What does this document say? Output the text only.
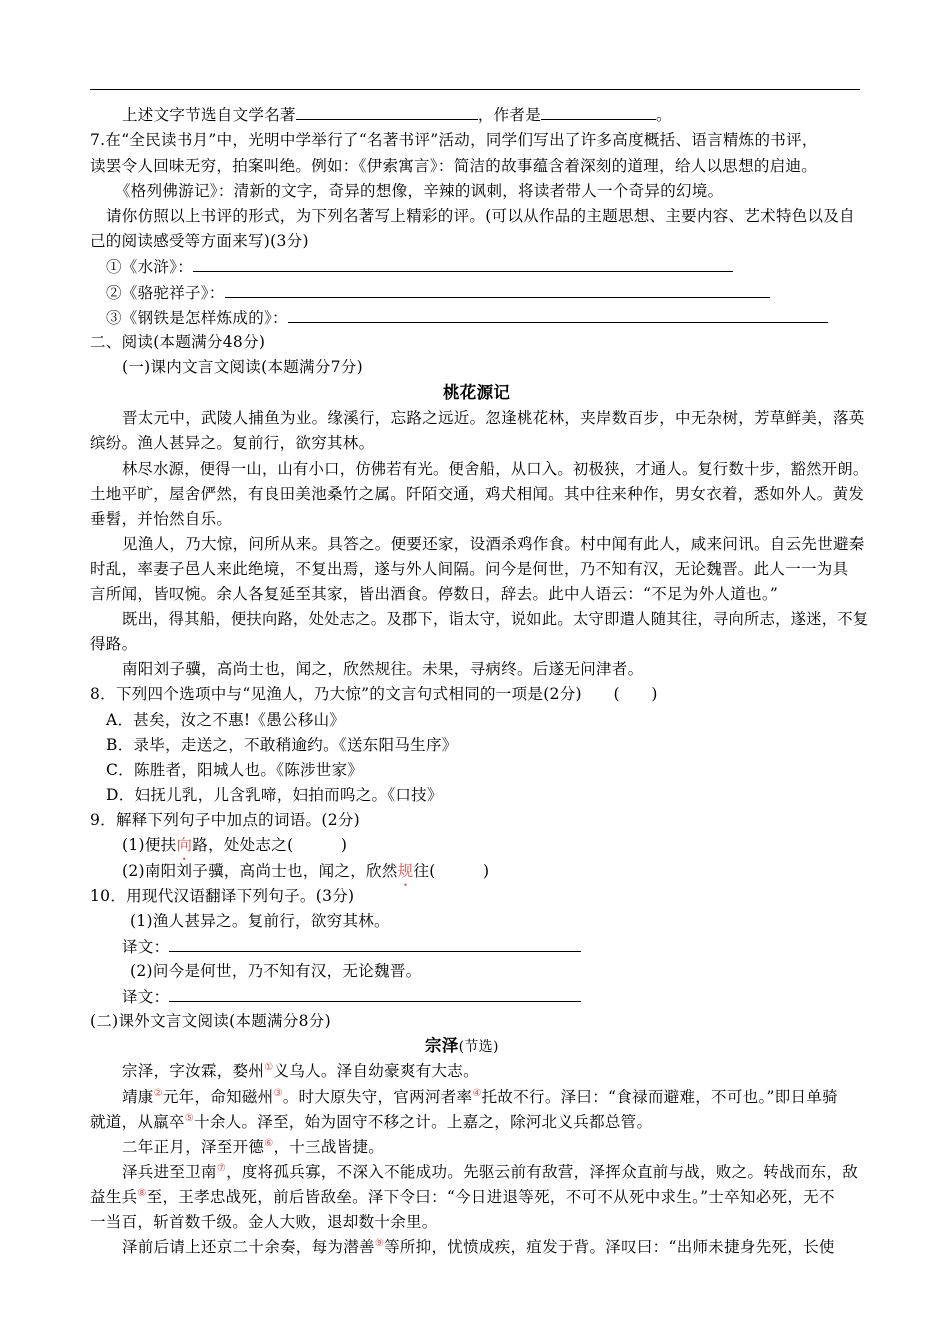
上述文字节选自文学名著	，作者是	。
7.在“全民读书月”中，光明中学举行了“名著书评”活动，同学们写出了许多高度概括、语言精炼的书评，
读罢令人回味无穷，拍案叫绝。例如：《伊索寓言》：简洁的故事蕴含着深刻的道理，给人以思想的启迪。
《格列佛游记》：清新的文字，奇异的想像，辛辣的讽刺，将读者带人一个奇异的幻境。
请你仿照以上书评的形式，为下列名著写上精彩的评。(可以从作品的主题思想、主要内容、艺术特色以及自
己的阅读感受等方面来写)(3分)
①《水浒》：
②《骆驼祥子》：
③《钢铁是怎样炼成的》：
二、阅读(本题满分48分)
(一)课内文言文阅读(本题满分7分)
桃花源记
晋太元中，武陵人捕鱼为业。缘溪行，忘路之远近。忽逢桃花林，夹岸数百步，中无杂树，芳草鲜美，落英
缤纷。渔人甚异之。复前行，欲穷其林。
林尽水源，便得一山，山有小口，仿佛若有光。便舍船，从口入。初极狭，才通人。复行数十步，豁然开朗。
土地平旷，屋舍俨然，有良田美池桑竹之属。阡陌交通，鸡犬相闻。其中往来种作，男女衣着，悉如外人。黄发
垂髫，并怡然自乐。
见渔人，乃大惊，问所从来。具答之。便要还家，设酒杀鸡作食。村中闻有此人，咸来问讯。自云先世避秦
时乱，率妻子邑人来此绝境，不复出焉，遂与外人间隔。问今是何世，乃不知有汉，无论魏晋。此人一一为具
言所闻，皆叹惋。余人各复延至其家，皆出酒食。停数日，辞去。此中人语云：“不足为外人道也。”
既出，得其船，便扶向路，处处志之。及郡下，诣太守，说如此。太守即遣人随其往，寻向所志，遂迷，不复
得路。
南阳刘子骥，高尚士也，闻之，欣然规往。未果，寻病终。后遂无问津者。
8．下列四个选项中与“见渔人，乃大惊”的文言句式相同的一项是(2分)　　(　　)
A．甚矣，汝之不惠!《愚公移山》
B．录毕，走送之，不敢稍逾约。《送东阳马生序》
C．陈胜者，阳城人也。《陈涉世家》
D．妇抚儿乳，儿含乳啼，妇拍而呜之。《口技》
9．解释下列句子中加点的词语。(2分)
(1)便扶向路，处处志之(　　　)
(2)南阳刘子骥，高尚士也，闻之，欣然规往(　　　)
10．用现代汉语翻译下列句子。(3分)
(1)渔人甚异之。复前行，欲穷其林。
译文：
(2)问今是何世，乃不知有汉，无论魏晋。
译文：
(二)课外文言文阅读(本题满分8分)
宗泽(节选)
宗泽，字汝霖，婺州①义乌人。泽自幼豪爽有大志。
靖康②元年，命知磁州③。时大原失守，官两河者率④托故不行。泽曰：“食禄而避难，不可也。”即日单骑
就道，从羸卒⑤十余人。泽至，始为固守不移之计。上嘉之，除河北义兵都总管。
二年正月，泽至开德⑥，十三战皆捷。
泽兵进至卫南⑦，度将孤兵寡，不深入不能成功。先驱云前有敌营，泽挥众直前与战，败之。转战而东，敌
益生兵⑧至，王孝忠战死，前后皆敌垒。泽下令曰：“今日进退等死，不可不从死中求生。”士卒知必死，无不
一当百，斩首数千级。金人大败，退却数十余里。
泽前后请上还京二十余奏，每为潜善⑨等所抑，忧愤成疾，疽发于背。泽叹曰：“出师未捷身先死，长使
